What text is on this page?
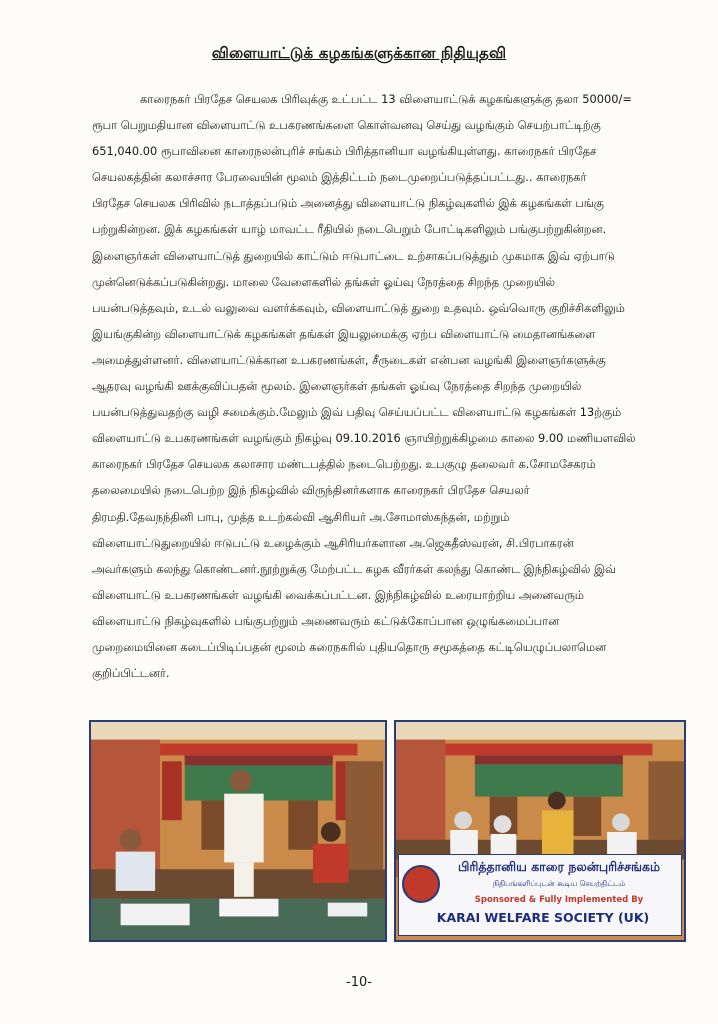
விளையாட்டுக் கழகங்களுக்கான நிதியுதவி

காரைநகர் பிரதேச செயலக பிரிவுக்கு உட்பட்ட 13 விளையாட்டுக் கழகங்களுக்கு தலா 50000/=
ரூபா பெறுமதியான விளையாட்டு உபகரணங்களை கொள்வனவு செய்து வழங்கும் செயற்பாட்டிற்கு
651,040.00 ரூபாவினை காரைநலன்புரிச் சங்கம் பிரித்தானியா வழங்கியுள்ளது. காரைநகர் பிரதேச
செயலகத்தின் கலாச்சார பேரவையின் மூலம் இத்திட்டம் நடைமுறைப்படுத்தப்பட்டது.. காரைநகர்
பிரதேச செயலக பிரிவில் நடாத்தப்படும் அனைத்து விளையாட்டு நிகழ்வுகளில் இக் கழகங்கள் பங்கு
பற்றுகின்றன. இக் கழகங்கள் யாழ் மாவட்ட ரீதியில் நடைபெறும் போட்டிகளிலும் பங்குபற்றுகின்றன.
இளைஞர்கள் விளையாட்டுத் துறையில் காட்டும் ஈடுபாட்டை உற்சாகப்படுத்தும் முகமாக இவ் ஏற்பாடு
முன்னெடுக்கப்படுகின்றது. மாலை வேளைகளில் தங்கள் ஓய்வு நேரத்தை சிறந்த முறையில்
பயன்படுத்தவும், உடல் வலுவை வளர்க்கவும், விளையாட்டுத் துறை உதவும். ஒவ்வொரு குறிச்சிகளிலும்
இயங்குகின்ற விளையாட்டுக் கழகங்கள் தங்கள் இயலுமைக்கு ஏற்ப விளையாட்டு மைதானங்களை
அமைத்துள்ளனர். விளையாட்டுக்கான உபகரணங்கள், சீருடைகள் என்பன வழங்கி இளைஞர்களுக்கு
ஆதரவு வழங்கி ஊக்குவிப்பதன் மூலம். இளைஞர்கள் தங்கள் ஓய்வு நேரத்தை சிறந்த முறையில்
பயன்படுத்துவதற்கு வழி சமைக்கும்.மேலும் இவ் பதிவு செய்யப்பட்ட விளையாட்டு கழகங்கள் 13ற்கும்
விளையாட்டு உபகரணங்கள் வழங்கும் நிகழ்வு 09.10.2016 ஞாயிற்றுக்கிழமை காலை 9.00 மணியளவில்
காரைநகர் பிரதேச செயலக கலாசார மண்டபத்தில் நடைபெற்றது. உபகுழு தலைவர் க.சோமசேகரம்
தலைமையில் நடைபெற்ற இந் நிகழ்வில் விருந்தினர்களாக காரைநகர் பிரதேச செயலர்
திரமதி.தேவநந்தினி பாபு, முத்த உடற்கல்வி ஆசிரியர் அ.சோமாஸ்கந்தன், மற்றும்
விளையாட்டுதுறையில் ஈடுபட்டு உழைக்கும் ஆசிரியர்களான அ.ஜெகதீஸ்வரன், சி.பிரபாகரன்
அவர்களும் கலந்து கொண்டனர்.நூற்றுக்கு மேற்பட்ட கழக வீரர்கள் கலந்து கொண்ட இந்நிகழ்வில் இவ்
விளையாட்டு உபகரணங்கள் வழங்கி வைக்கப்பட்டன. இந்நிகழ்வில் உரையாற்றிய அனைவரும்
விளையாட்டு நிகழ்வுகளில் பங்குபற்றும் அணைவரும் கட்டுக்கோப்பான ஒழுங்கமைப்பான
முறைமையினை கடைப்பிடிப்பதன் மூலம் கரைநகரில் புதியதொரு சமூகத்தை கட்டியெழுப்பலாமென
குறிப்பிட்டனர்.

பிரித்தானிய காரை நலன்புரிச்சங்கம்
நிதிபங்களிப்புடன் கூடிய செயற்திட்டம்
Sponsored & Fully Implemented By
KARAI WELFARE SOCIETY (UK)
-10-
